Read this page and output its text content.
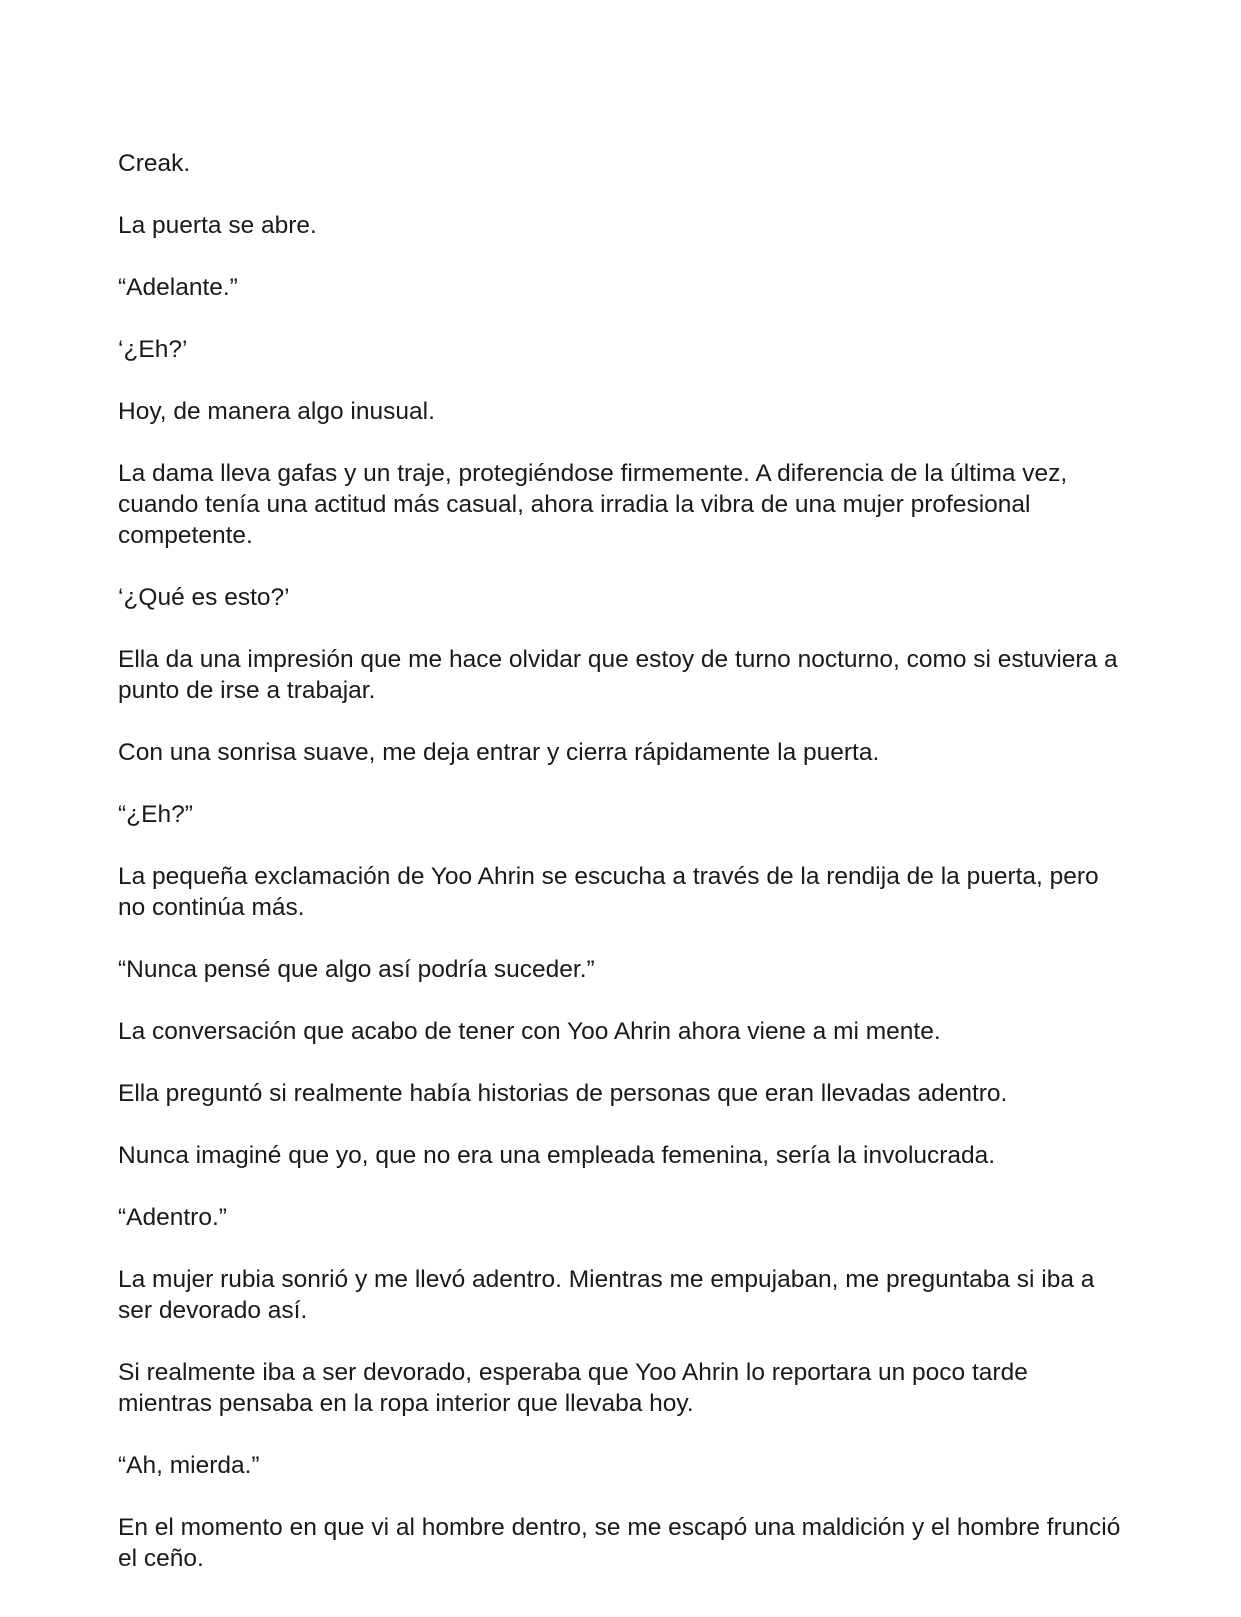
Creak.

La puerta se abre.

“Adelante.”

‘¿Eh?’

Hoy, de manera algo inusual.

La dama lleva gafas y un traje, protegiéndose firmemente. A diferencia de la última vez, cuando tenía una actitud más casual, ahora irradia la vibra de una mujer profesional competente.

‘¿Qué es esto?’

Ella da una impresión que me hace olvidar que estoy de turno nocturno, como si estuviera a punto de irse a trabajar.

Con una sonrisa suave, me deja entrar y cierra rápidamente la puerta.

“¿Eh?”

La pequeña exclamación de Yoo Ahrin se escucha a través de la rendija de la puerta, pero no continúa más.

“Nunca pensé que algo así podría suceder.”

La conversación que acabo de tener con Yoo Ahrin ahora viene a mi mente.

Ella preguntó si realmente había historias de personas que eran llevadas adentro.

Nunca imaginé que yo, que no era una empleada femenina, sería la involucrada.

“Adentro.”

La mujer rubia sonrió y me llevó adentro. Mientras me empujaban, me preguntaba si iba a ser devorado así.

Si realmente iba a ser devorado, esperaba que Yoo Ahrin lo reportara un poco tarde mientras pensaba en la ropa interior que llevaba hoy.

“Ah, mierda.”

En el momento en que vi al hombre dentro, se me escapó una maldición y el hombre frunció el ceño.
